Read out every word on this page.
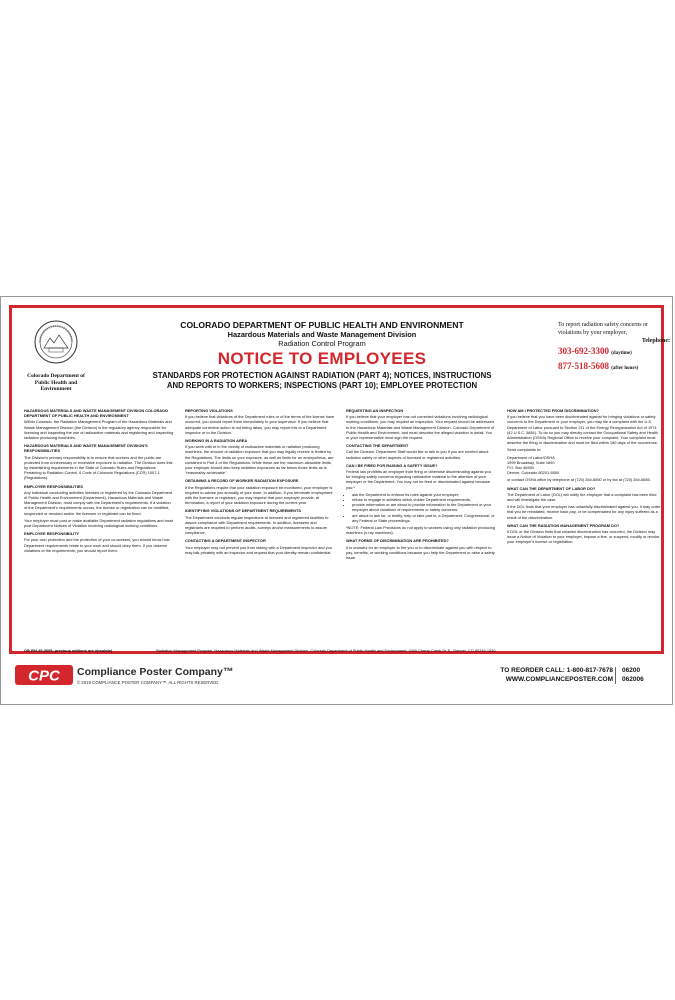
Colorado Department of Public Health and Environment
COLORADO DEPARTMENT OF PUBLIC HEALTH AND ENVIRONMENT
Hazardous Materials and Waste Management Division
Radiation Control Program
NOTICE TO EMPLOYEES
STANDARDS FOR PROTECTION AGAINST RADIATION (PART 4); NOTICES, INSTRUCTIONS
AND REPORTS TO WORKERS; INSPECTIONS (PART 10); EMPLOYEE PROTECTION
To report radiation safety concerns or violations by your employer,
Telephone:
303-692-3300 (daytime)
877-518-5608 (after hours)
HAZARDOUS MATERIALS AND WASTE MANAGEMENT DIVISION COLORADO DEPARTMENT OF PUBLIC HEALTH AND ENVIRONMENT

Within Colorado, the Radiation Management Program of the Hazardous Materials and Waste Management Division (the Division) is the regulatory agency responsible for licensing and inspecting the use of radioactive materials and registering and inspecting radiation producing machines.

HAZARDOUS MATERIALS AND WASTE MANAGEMENT DIVISION'S RESPONSIBILITIES

The Division's primary responsibility is to ensure that workers and the public are protected from unnecessary or excessive exposure to radiation. The Division does this by establishing requirements in the State of Colorado Rules and Regulations Pertaining to Radiation Control, 6 Code of Colorado Regulations (CCR) 1007-1 (Regulations).

EMPLOYER RESPONSIBILITIES

Any individual conducting activities licensed or registered by the Colorado Department of Public Health and Environment (Department), Hazardous Materials and Waste Management Division, must comply with the Department's requirements. If a violation of the Department's requirements occurs, the license or registration can be modified, suspended or revoked and/or the licensee or registrant can be fined.

Your employer must post or make available Department radiation regulations and must post Department Notices of Violation involving radiological working conditions.

EMPLOYEE RESPONSIBILITY

For your own protection and the protection of your co-workers, you should know how Department requirements relate to your work and should obey them. If you observe violations of the requirements, you should report them.

REPORTING VIOLATIONS

If you believe that violations of the Department rules or of the terms of the license have occurred, you should report them immediately to your supervisor. If you believe that adequate corrective action is not being taken, you may report this to a Department inspector or to the Division.

WORKING IN A RADIATION AREA

If you work with or in the vicinity of radioactive materials or radiation producing machines, the amount of radiation exposure that you may legally receive is limited by the Regulations. The limits on your exposure, as well as limits for an embryo/fetus, are contained in Part 4 of the Regulations. While these are the maximum allowable limits, your employer should also keep radiation exposures as far below those limits as is "reasonably achievable".

OBTAINING A RECORD OF WORKER RADIATION EXPOSURE

If the Regulations require that your radiation exposure be monitored, your employer is required to advise you annually of your dose. In addition, if you terminate employment with the licensee or registrant, you may request that your employer provide, at termination, a report of your radiation exposure during the current year.

IDENTIFYING VIOLATIONS OF DEPARTMENT REQUIREMENTS

The Department conducts regular inspections at licensed and registered facilities to assure compliance with Department requirements. In addition, licensees and registrants are required to perform audits, surveys and/or measurements to assure compliance.

CONTACTING A DEPARTMENT INSPECTOR

Your employer may not prevent you from talking with a Department inspector and you may talk privately with an inspector and request that your identity remain confidential.

REQUESTING AN INSPECTION

If you believe that your employer has not corrected violations involving radiological working conditions, you may request an inspection. Your request should be addressed to the Hazardous Materials and Waste Management Division, Colorado Department of Public Health and Environment, and must describe the alleged violation in detail. You or your representative must sign the request.

CONTACTING THE DEPARTMENT

Call the Division. Department Staff would like to talk to you if you are worried about radiation safety or other aspects of licensed or registered activities.

CAN I BE FIRED FOR RAISING A SAFETY ISSUE?

Federal law prohibits an employer from firing or otherwise discriminating against you for bringing safety concerns regarding radioactive material to the attention of your employer or the Department. You may not be fired or discriminated against because you:*

• ask the Department to enforce its rules against your employer;
• refuse to engage in activities which violate Department requirements;
• provide information or are about to provide information to the Department or your employer about violations of requirements or safety concerns;
• are about to ask for, or testify, help or take part in, a Department, Congressional, or any Federal or State proceedings.

*NOTE: Federal Law Provisions do not apply to workers using only radiation producing machines (x-ray machines).

WHAT FORMS OF DISCRIMINATION ARE PROHIBITED?

It is unlawful for an employer to fire you or to discriminate against you with respect to pay, benefits, or working conditions because you help the Department or raise a safety issue.

HOW AM I PROTECTED FROM DISCRIMINATION?

If you believe that you have been discriminated against for bringing violations or safety concerns to the Department or your employer, you may file a complaint with the U.S. Department of Labor pursuant to Section 211 of the Energy Reorganization Act of 1974 (42 U.S.C. 5851). To do so you may directly contact the Occupational Safety and Health Administration (OSHA) Regional Office to receive your complaint. Your complaint must describe the firing or discrimination and must be filed within 180 days of the occurrence.

Send complaints to:

Department of Labor/OSHA
1999 Broadway, Suite 1690
P.O. Box 46550
Denver, Colorado 80201-6550

or contact OSHA office by telephone at (720) 264-6550 or by fax at (720) 264-6585.

WHAT CAN THE DEPARTMENT OF LABOR DO?

The Department of Labor (DOL) will notify the employer that a complaint has been filed and will investigate the case.

If the DOL finds that your employer has unlawfully discriminated against you, it may order that you be reinstated, receive back pay, or be compensated for any injury suffered as a result of the discrimination.

WHAT CAN THE RADIATION MANAGEMENT PROGRAM DO?

If DOL or the Division finds that unlawful discrimination has occurred, the Division may issue a Notice of Violation to your employer, impose a fine, or suspend, modify or revoke your employer's license or registration.

OR-RH-45 (9/05; previous editions are obsolete)	Radiation Management Program, Hazardous Materials and Waste Management Division, Colorado Department of Public Health and Environment, 4300 Cherry Creek Dr S., Denver, CO 80246-1530
CPC Compliance Poster Company™
© 2019 COMPLIANCE POSTER COMPANY™. ALL RIGHTS RESERVED.
TO REORDER CALL: 1-800-817-7678
WWW.COMPLIANCEPOSTER.COM
06200
062006
